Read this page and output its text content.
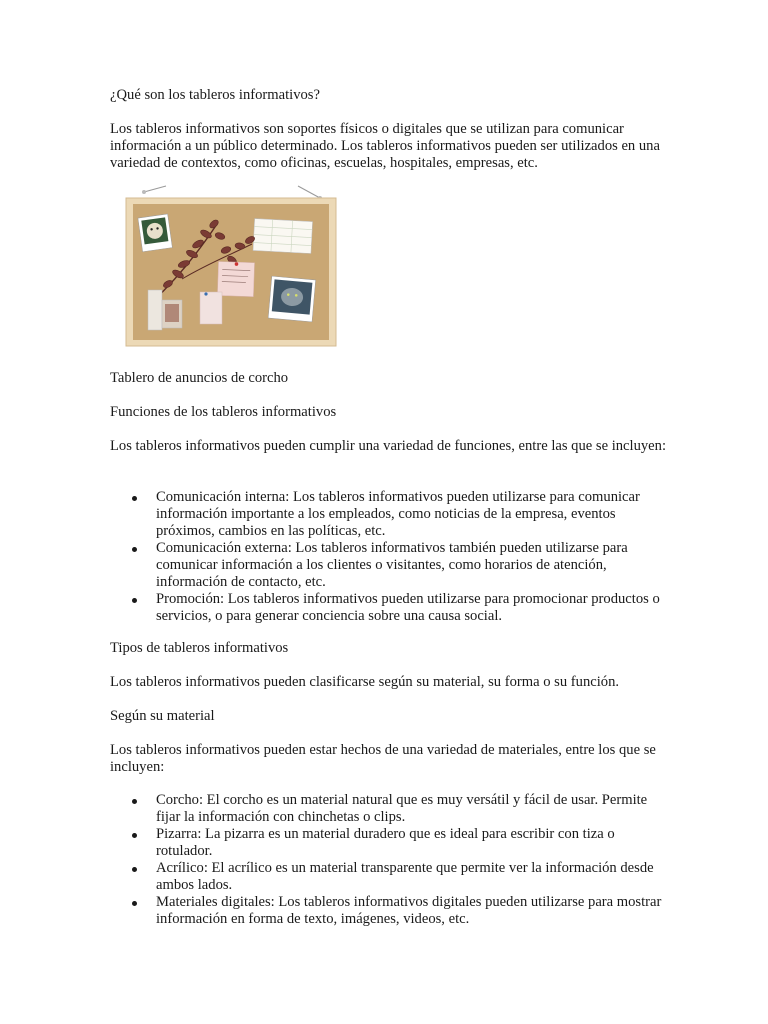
¿Qué son los tableros informativos?

Los tableros informativos son soportes físicos o digitales que se utilizan para comunicar información a un público determinado. Los tableros informativos pueden ser utilizados en una variedad de contextos, como oficinas, escuelas, hospitales, empresas, etc.

Tablero de anuncios de corcho

Funciones de los tableros informativos

Los tableros informativos pueden cumplir una variedad de funciones, entre las que se incluyen:

Comunicación interna: Los tableros informativos pueden utilizarse para comunicar información importante a los empleados, como noticias de la empresa, eventos próximos, cambios en las políticas, etc.
Comunicación externa: Los tableros informativos también pueden utilizarse para comunicar información a los clientes o visitantes, como horarios de atención, información de contacto, etc.
Promoción: Los tableros informativos pueden utilizarse para promocionar productos o servicios, o para generar conciencia sobre una causa social.

Tipos de tableros informativos

Los tableros informativos pueden clasificarse según su material, su forma o su función.

Según su material

Los tableros informativos pueden estar hechos de una variedad de materiales, entre los que se incluyen:

Corcho: El corcho es un material natural que es muy versátil y fácil de usar. Permite fijar la información con chinchetas o clips.
Pizarra: La pizarra es un material duradero que es ideal para escribir con tiza o rotulador.
Acrílico: El acrílico es un material transparente que permite ver la información desde ambos lados.
Materiales digitales: Los tableros informativos digitales pueden utilizarse para mostrar información en forma de texto, imágenes, videos, etc.
